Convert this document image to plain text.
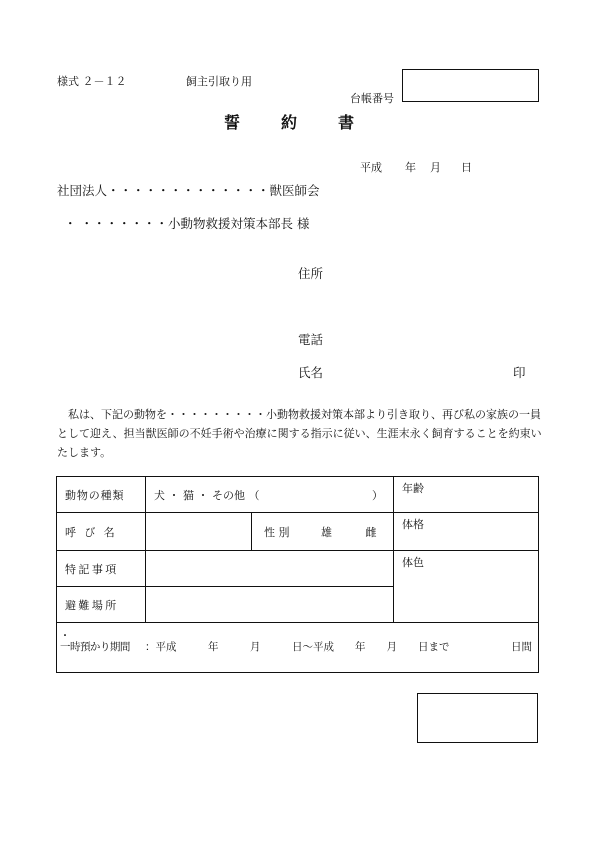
様式 ２－１２	飼主引取り用
台帳番号
誓	約	書
平成 年 月 日
社団法人・・・・・・・・・・・・・獣医師会
・ ・・・・・・・小動物救援対策本部長 様
住所
電話
氏名	印
私は、下記の動物を・・・・・・・・・小動物救援対策本部より引き取り、再び私の家族の一員として迎え、担当獣医師の不妊手術や治療に関する指示に従い、生涯末永く飼育することを約束いたします。
動物の種類	犬 ・ 猫 ・ その他 （ ）		年齢
呼 び 名		性 別 雄 雌	体格
特記事項			体色
避難場所			

・
一時預かり期間 ：平成　　　年　　　月　　　日〜平成　　年　　月　　日まで 日間			
